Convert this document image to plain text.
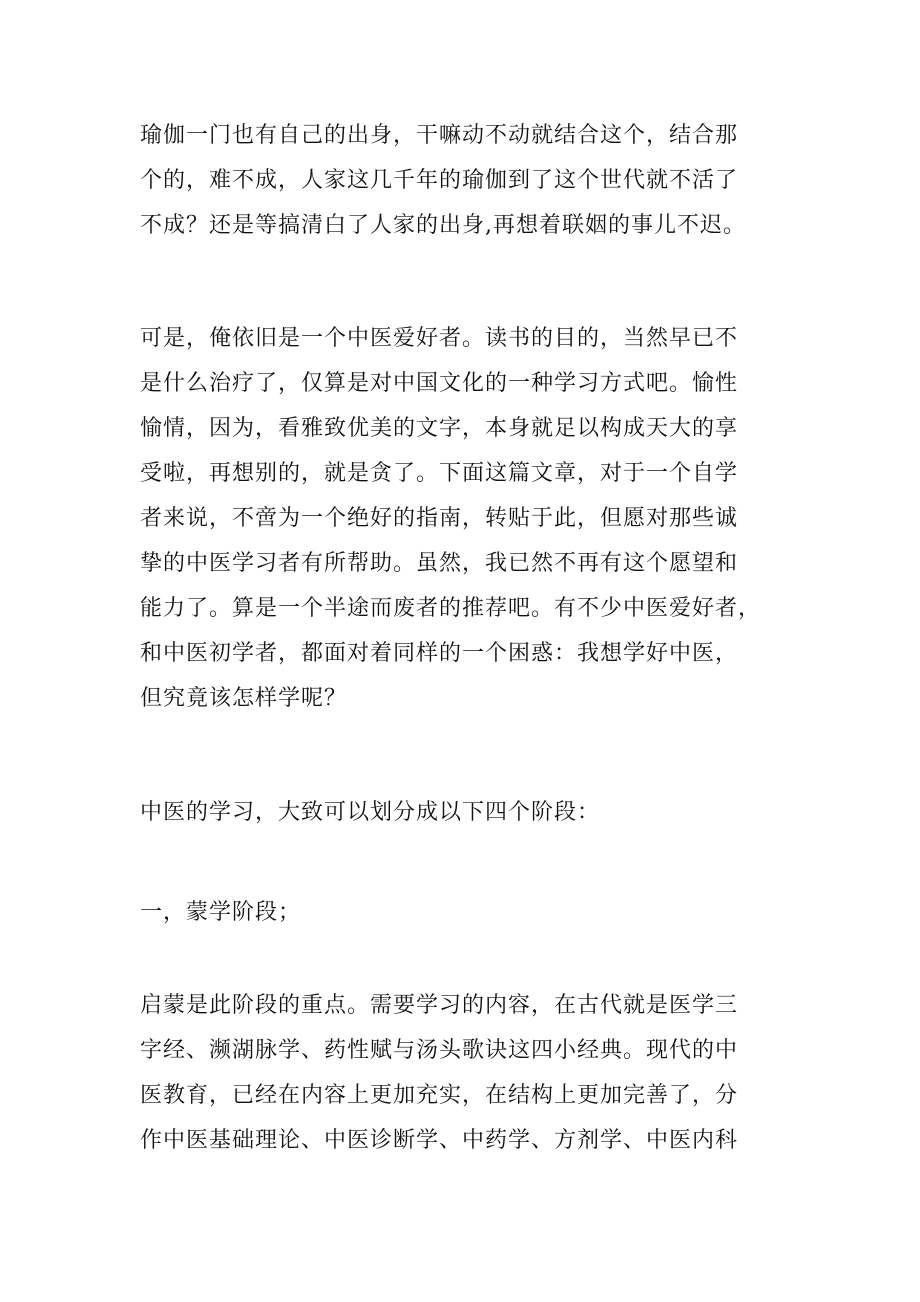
瑜伽一门也有自己的出身，干嘛动不动就结合这个，结合那
个的，难不成，人家这几千年的瑜伽到了这个世代就不活了
不成？还是等搞清白了人家的出身,再想着联姻的事儿不迟。
可是，俺依旧是一个中医爱好者。读书的目的，当然早已不
是什么治疗了，仅算是对中国文化的一种学习方式吧。愉性
愉情，因为，看雅致优美的文字，本身就足以构成天大的享
受啦，再想别的，就是贪了。下面这篇文章，对于一个自学
者来说，不啻为一个绝好的指南，转贴于此，但愿对那些诚
挚的中医学习者有所帮助。虽然，我已然不再有这个愿望和
能力了。算是一个半途而废者的推荐吧。有不少中医爱好者，
和中医初学者，都面对着同样的一个困惑：我想学好中医，
但究竟该怎样学呢？
中医的学习，大致可以划分成以下四个阶段：
一，蒙学阶段；
启蒙是此阶段的重点。需要学习的内容，在古代就是医学三
字经、濒湖脉学、药性赋与汤头歌诀这四小经典。现代的中
医教育，已经在内容上更加充实，在结构上更加完善了，分
作中医基础理论、中医诊断学、中药学、方剂学、中医内科
